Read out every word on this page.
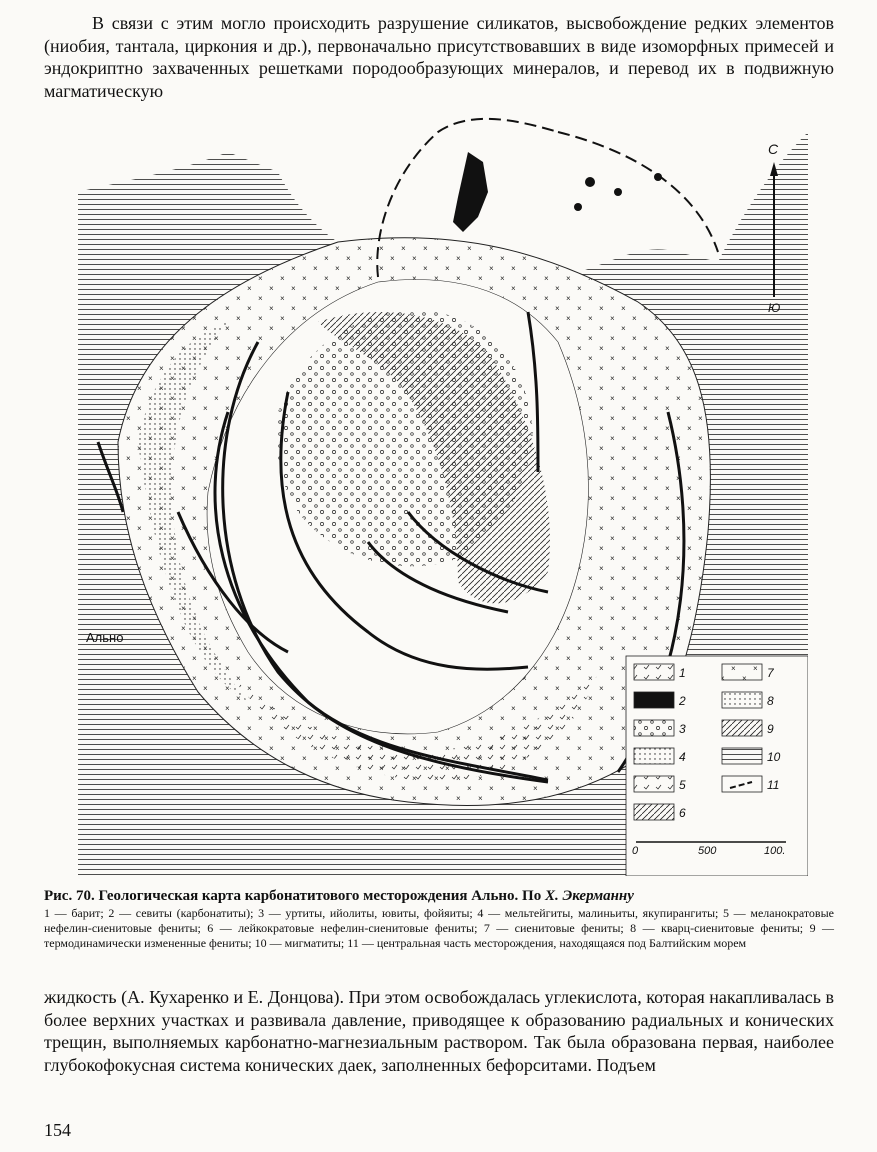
В связи с этим могло происходить разрушение силикатов, высвобождение редких элементов (ниобия, тантала, циркония и др.), первоначально присутствовавших в виде изоморфных примесей и эндокриптно захваченных решетками породообразующих минералов, и перевод их в подвижную магматическую

Ально
С
Ю
1
2
3
4
5
6
7
8
9
10
11
0	500	100.

Рис. 70. Геологическая карта карбонатитового месторождения Ально. По Х. Экерманну

1 — барит; 2 — севиты (карбонатиты); 3 — уртиты, ийолиты, ювиты, фойяиты; 4 — мельтейгиты, малиньиты, якупирангиты; 5 — меланократовые нефелин-сиенитовые фениты; 6 — лейкократовые нефелин-сиенитовые фениты; 7 — сиенитовые фениты; 8 — кварц-сиенитовые фениты; 9 — термодинамически измененные фениты; 10 — мигматиты; 11 — центральная часть месторождения, находящаяся под Балтийским морем

жидкость (А. Кухаренко и Е. Донцова). При этом освобождалась углекислота, которая накапливалась в более верхних участках и развивала давление, приводящее к образованию радиальных и конических трещин, выполняемых карбонатно-магнезиальным раствором. Так была образована первая, наиболее глубокофокусная система конических даек, заполненных бефорситами. Подъем

154
